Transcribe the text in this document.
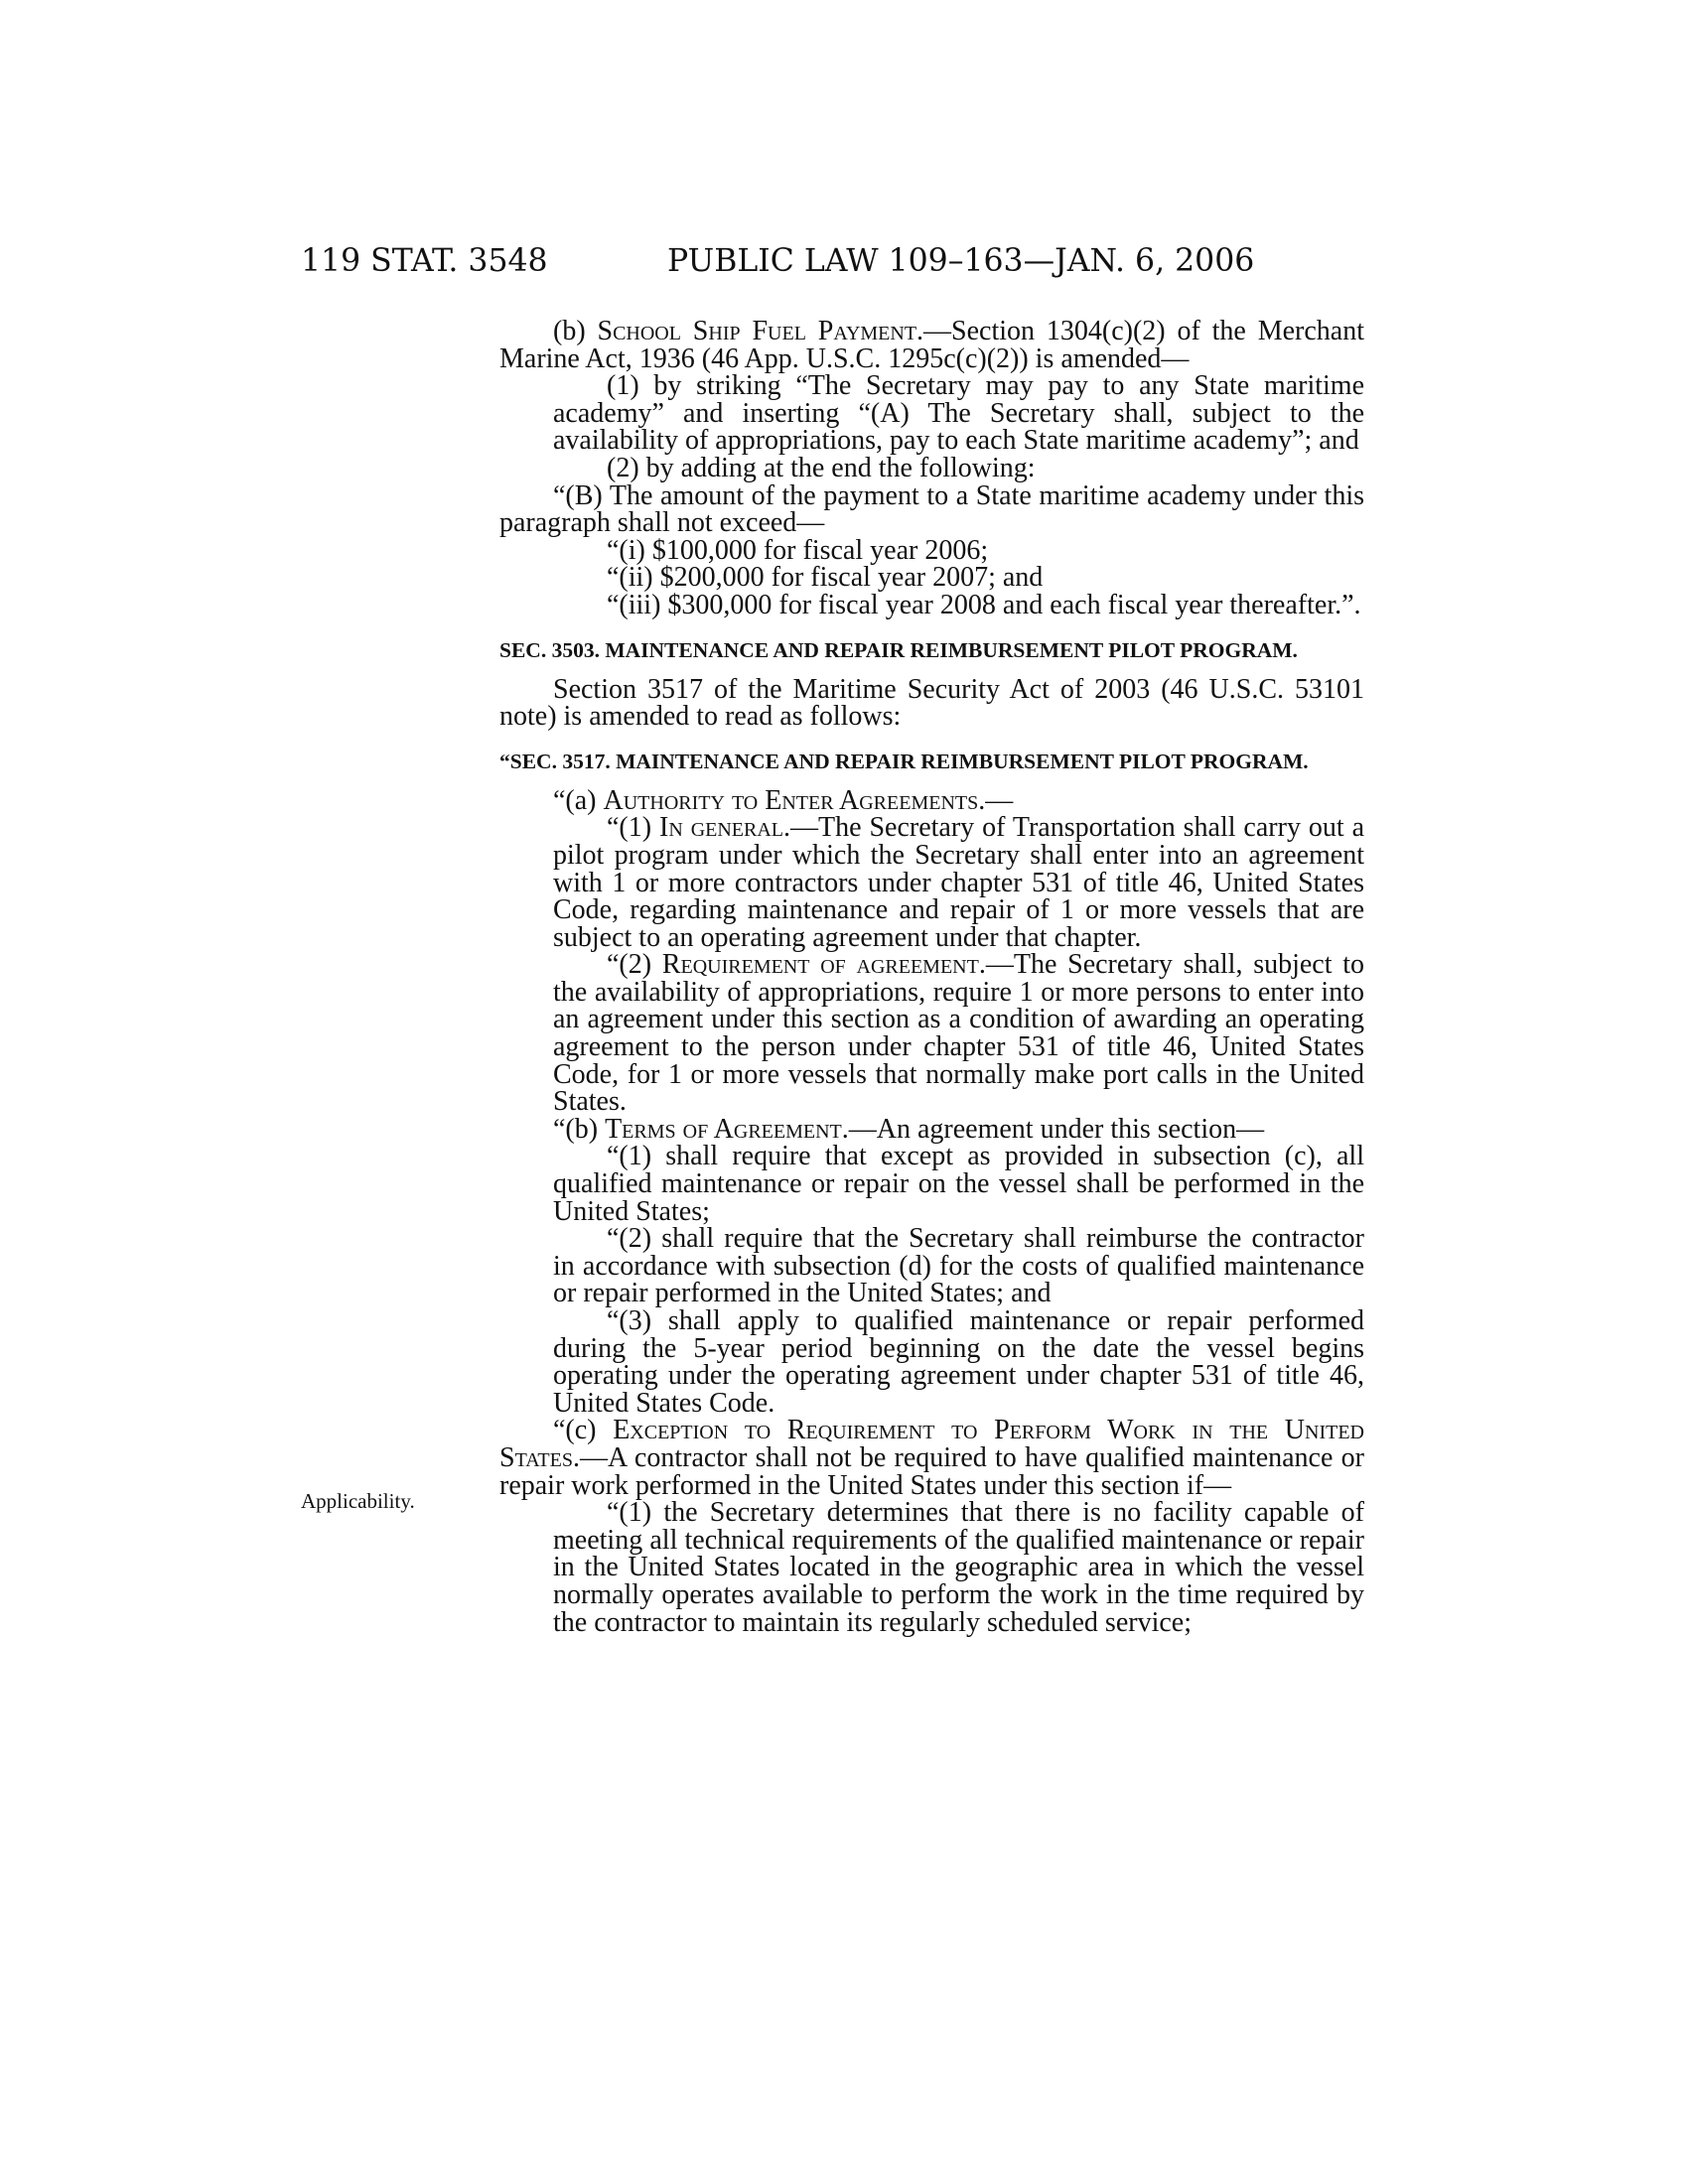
119 STAT. 3548	PUBLIC LAW 109–163—JAN. 6, 2006
Applicability.

(b) School Ship Fuel Payment.—Section 1304(c)(2) of the Merchant Marine Act, 1936 (46 App. U.S.C. 1295c(c)(2)) is amended—

(1) by striking “The Secretary may pay to any State maritime academy” and inserting “(A) The Secretary shall, subject to the availability of appropriations, pay to each State maritime academy”; and

(2) by adding at the end the following:

“(B) The amount of the payment to a State maritime academy under this paragraph shall not exceed—

“(i) $100,000 for fiscal year 2006;

“(ii) $200,000 for fiscal year 2007; and

“(iii) $300,000 for fiscal year 2008 and each fiscal year thereafter.”.

SEC. 3503. MAINTENANCE AND REPAIR REIMBURSEMENT PILOT PROGRAM.

Section 3517 of the Maritime Security Act of 2003 (46 U.S.C. 53101 note) is amended to read as follows:

“SEC. 3517. MAINTENANCE AND REPAIR REIMBURSEMENT PILOT PROGRAM.

“(a) Authority to Enter Agreements.—

“(1) In general.—The Secretary of Transportation shall carry out a pilot program under which the Secretary shall enter into an agreement with 1 or more contractors under chapter 531 of title 46, United States Code, regarding maintenance and repair of 1 or more vessels that are subject to an operating agreement under that chapter.

“(2) Requirement of agreement.—The Secretary shall, subject to the availability of appropriations, require 1 or more persons to enter into an agreement under this section as a condition of awarding an operating agreement to the person under chapter 531 of title 46, United States Code, for 1 or more vessels that normally make port calls in the United States.

“(b) Terms of Agreement.—An agreement under this section—

“(1) shall require that except as provided in subsection (c), all qualified maintenance or repair on the vessel shall be performed in the United States;

“(2) shall require that the Secretary shall reimburse the contractor in accordance with subsection (d) for the costs of qualified maintenance or repair performed in the United States; and

“(3) shall apply to qualified maintenance or repair performed during the 5-year period beginning on the date the vessel begins operating under the operating agreement under chapter 531 of title 46, United States Code.

“(c) Exception to Requirement to Perform Work in the United States.—A contractor shall not be required to have qualified maintenance or repair work performed in the United States under this section if—

“(1) the Secretary determines that there is no facility capable of meeting all technical requirements of the qualified maintenance or repair in the United States located in the geographic area in which the vessel normally operates available to perform the work in the time required by the contractor to maintain its regularly scheduled service;
